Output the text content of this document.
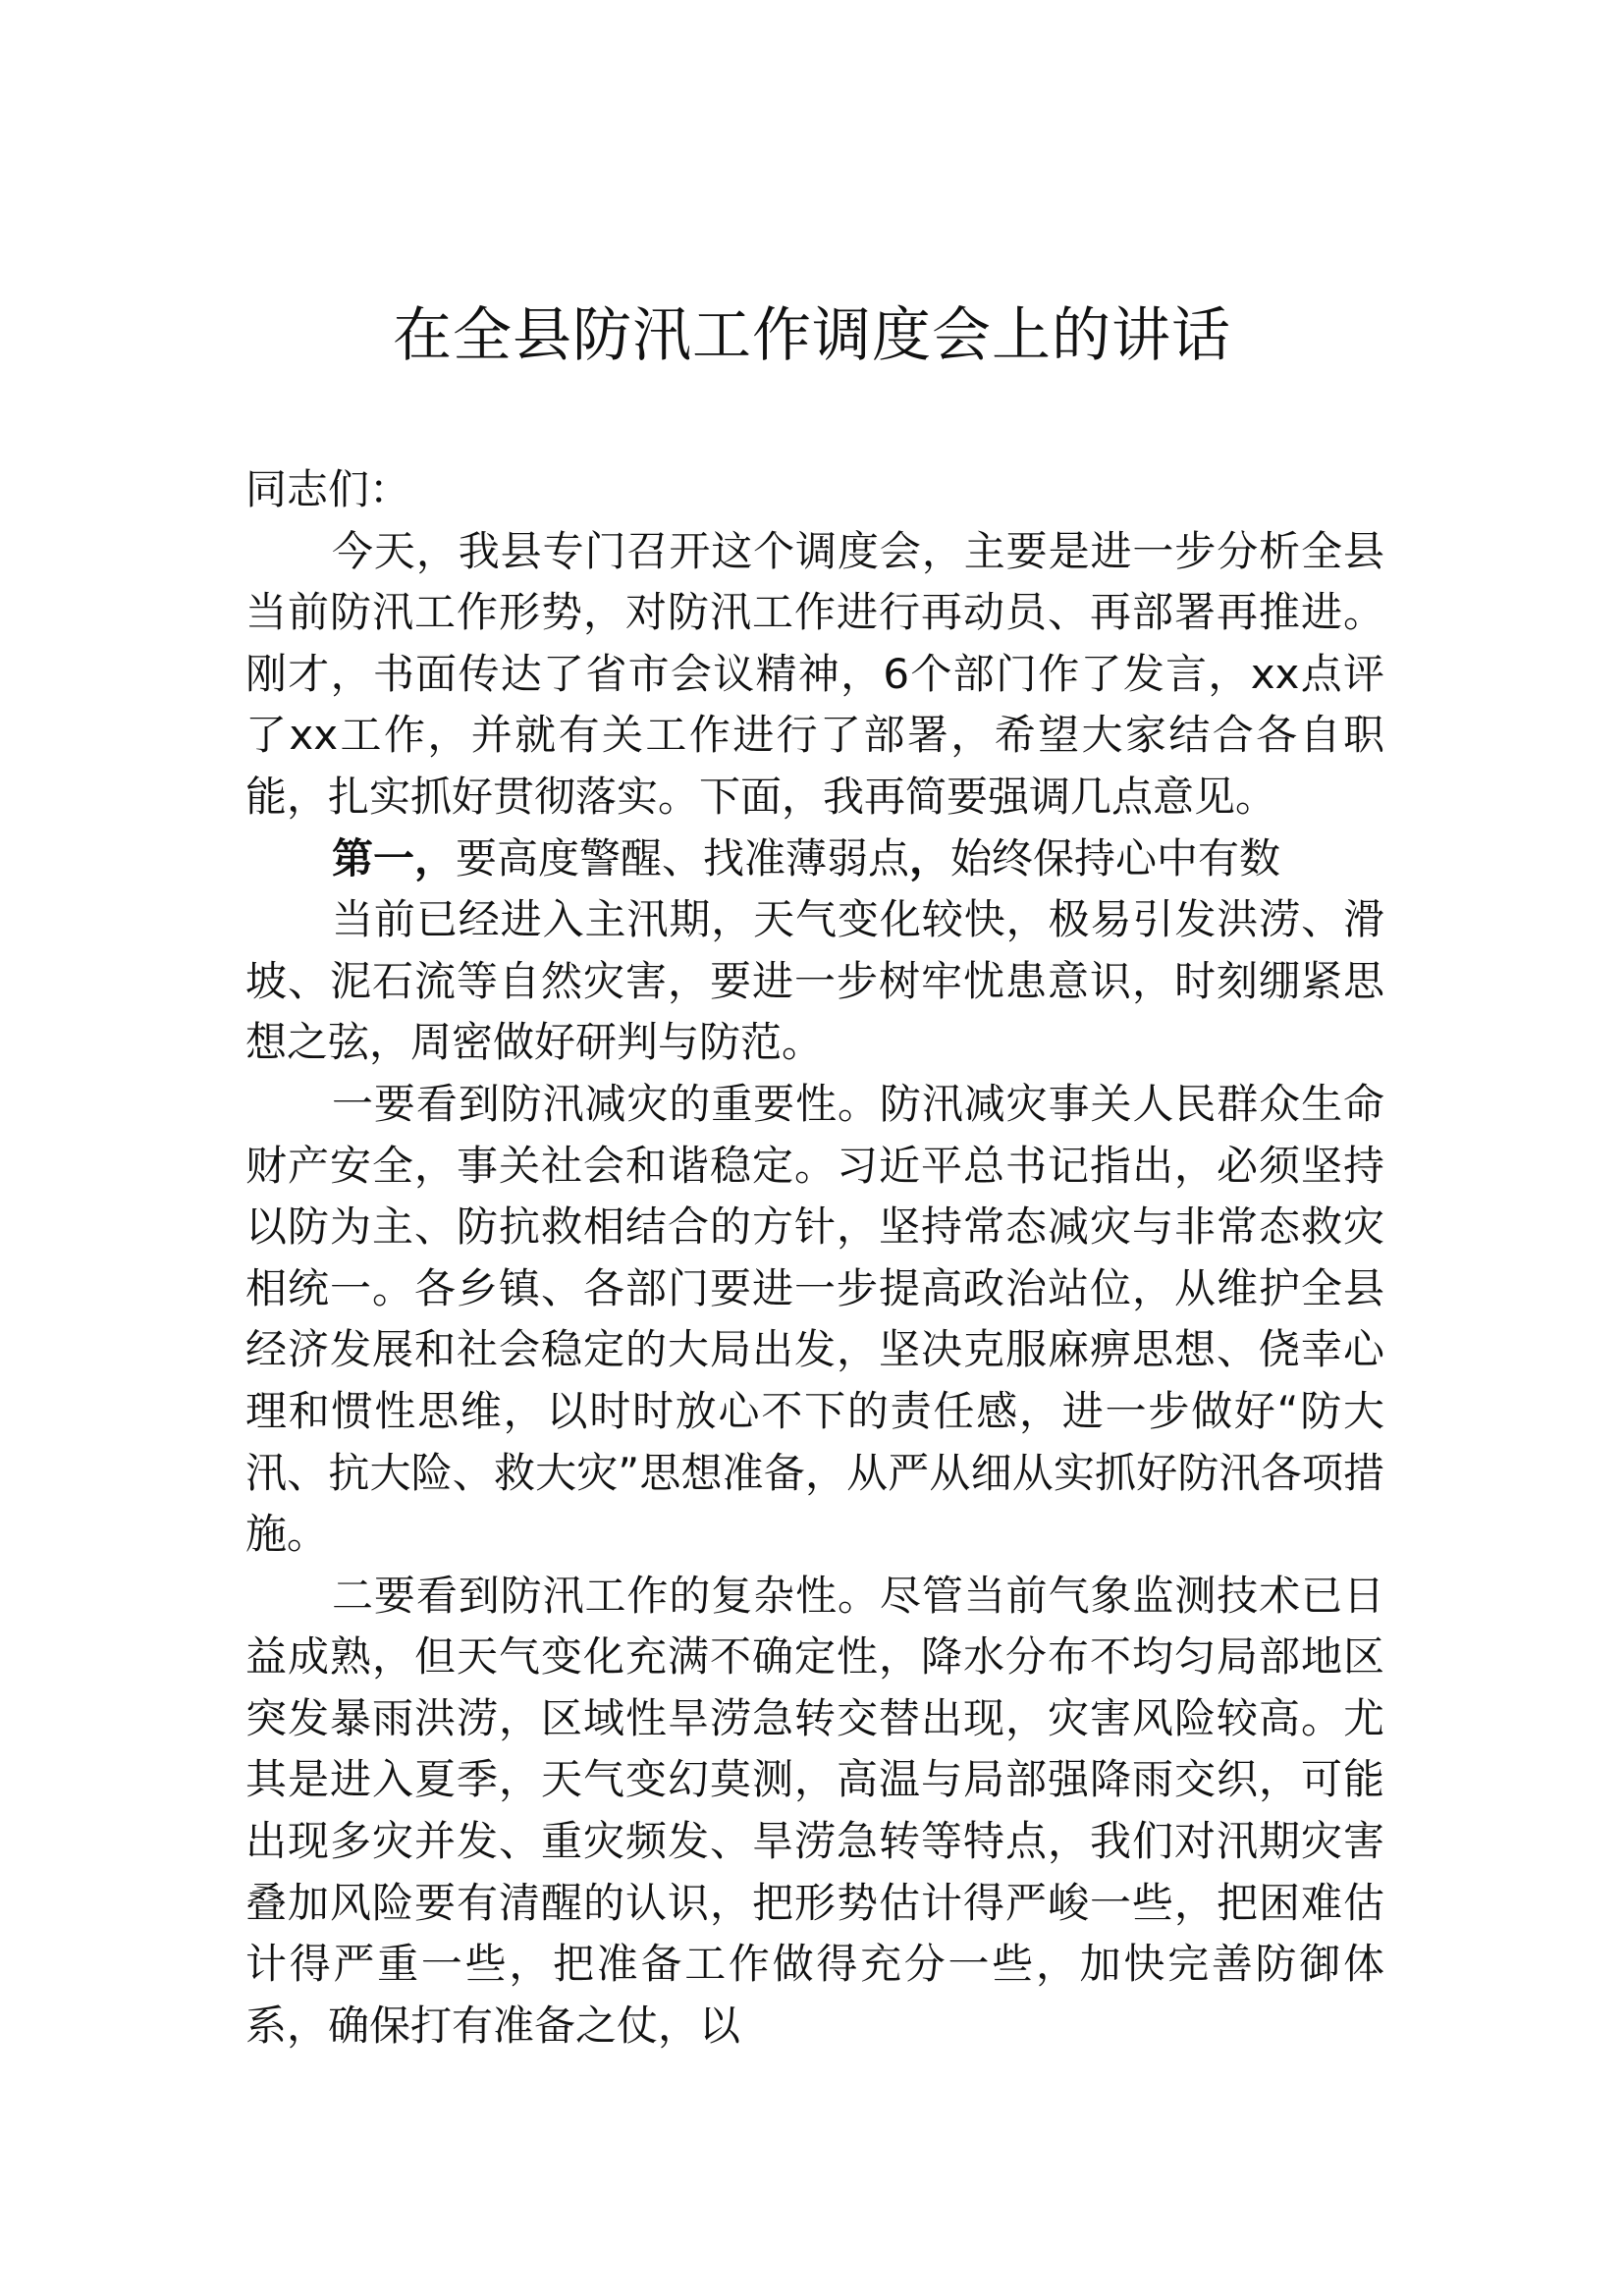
在全县防汛工作调度会上的讲话

同志们：

今天，我县专门召开这个调度会，主要是进一步分析全县当前防汛工作形势，对防汛工作进行再动员、再部署再推进。刚才，书面传达了省市会议精神，6个部门作了发言，xx点评了xx工作，并就有关工作进行了部署，希望大家结合各自职能，扎实抓好贯彻落实。下面，我再简要强调几点意见。

第一，要高度警醒、找准薄弱点，始终保持心中有数

当前已经进入主汛期，天气变化较快，极易引发洪涝、滑坡、泥石流等自然灾害，要进一步树牢忧患意识，时刻绷紧思想之弦，周密做好研判与防范。

一要看到防汛减灾的重要性。防汛减灾事关人民群众生命财产安全，事关社会和谐稳定。习近平总书记指出，必须坚持以防为主、防抗救相结合的方针，坚持常态减灾与非常态救灾相统一。各乡镇、各部门要进一步提高政治站位，从维护全县经济发展和社会稳定的大局出发，坚决克服麻痹思想、侥幸心理和惯性思维，以时时放心不下的责任感，进一步做好“防大汛、抗大险、救大灾”思想准备，从严从细从实抓好防汛各项措施。

二要看到防汛工作的复杂性。尽管当前气象监测技术已日益成熟，但天气变化充满不确定性，降水分布不均匀局部地区突发暴雨洪涝，区域性旱涝急转交替出现，灾害风险较高。尤其是进入夏季，天气变幻莫测，高温与局部强降雨交织，可能出现多灾并发、重灾频发、旱涝急转等特点，我们对汛期灾害叠加风险要有清醒的认识，把形势估计得严峻一些，把困难估计得严重一些，把准备工作做得充分一些，加快完善防御体系，确保打有准备之仗，以
